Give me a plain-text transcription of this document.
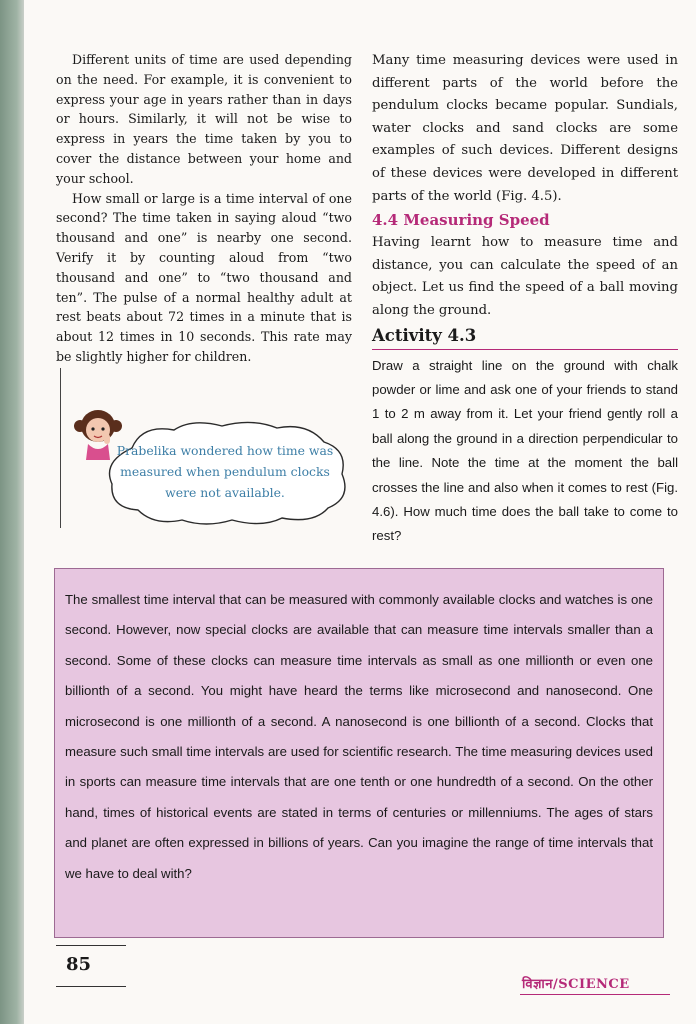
Different units of time are used depending on the need. For example, it is convenient to express your age in years rather than in days or hours. Similarly, it will not be wise to express in years the time taken by you to cover the distance between your home and your school.

How small or large is a time interval of one second? The time taken in saying aloud “two thousand and one” is nearby one second. Verify it by counting aloud from “two thousand and one” to “two thousand and ten”. The pulse of a normal healthy adult at rest beats about 72 times in a minute that is about 12 times in 10 seconds. This rate may be slightly higher for children.

Prabelika wondered how time was measured when pendulum clocks were not available.

Many time measuring devices were used in different parts of the world before the pendulum clocks became popular. Sundials, water clocks and sand clocks are some examples of such devices. Different designs of these devices were developed in different parts of the world (Fig. 4.5).

4.4 Measuring Speed

Having learnt how to measure time and distance, you can calculate the speed of an object. Let us find the speed of a ball moving along the ground.

Activity 4.3

Draw a straight line on the ground with chalk powder or lime and ask one of your friends to stand 1 to 2 m away from it. Let your friend gently roll a ball along the ground in a direction perpendicular to the line. Note the time at the moment the ball crosses the line and also when it comes to rest (Fig. 4.6). How much time does the ball take to come to rest?

The smallest time interval that can be measured with commonly available clocks and watches is one second. However, now special clocks are available that can measure time intervals smaller than a second. Some of these clocks can measure time intervals as small as one millionth or even one billionth of a second. You might have heard the terms like microsecond and nanosecond. One microsecond is one millionth of a second. A nanosecond is one billionth of a second. Clocks that measure such small time intervals are used for scientific research. The time measuring devices used in sports can measure time intervals that are one tenth or one hundredth of a second. On the other hand, times of historical events are stated in terms of centuries or millenniums. The ages of stars and planet are often expressed in billions of years. Can you imagine the range of time intervals that we have to deal with?

85
विज्ञान/SCIENCE
